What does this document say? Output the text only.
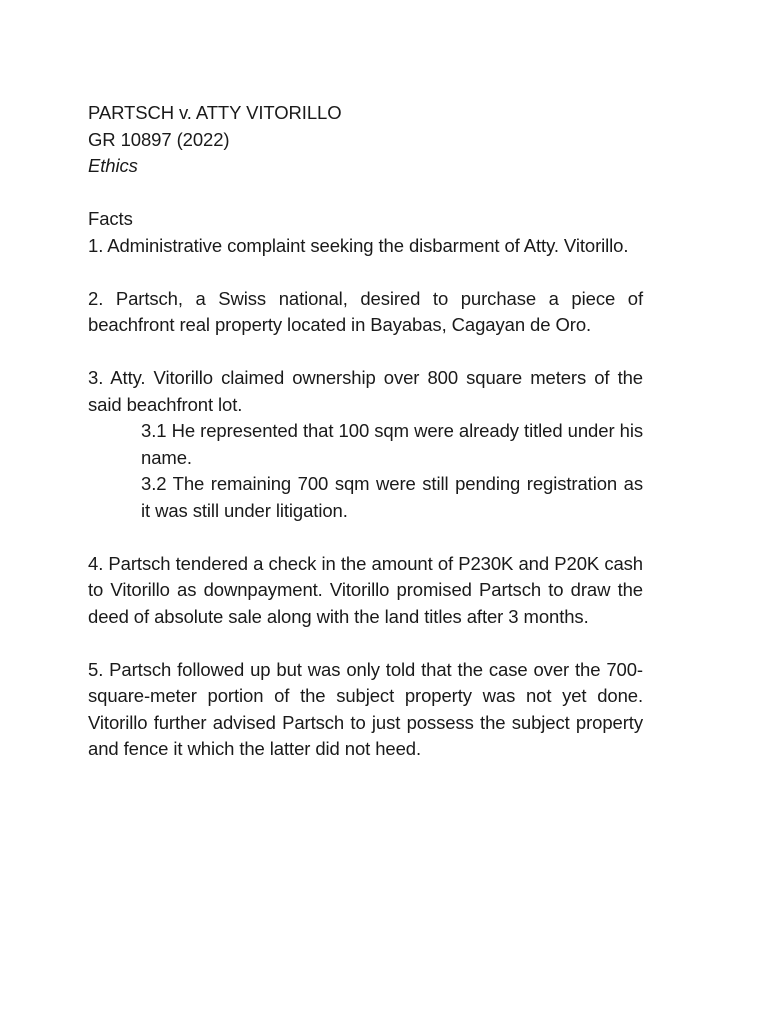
PARTSCH v. ATTY VITORILLO

GR 10897 (2022)

Ethics

Facts

1. Administrative complaint seeking the disbarment of Atty. Vitorillo.

2. Partsch, a Swiss national, desired to purchase a piece of beachfront real property located in Bayabas, Cagayan de Oro.

3. Atty. Vitorillo claimed ownership over 800 square meters of the said beachfront lot.

3.1 He represented that 100 sqm were already titled under his name.

3.2 The remaining 700 sqm were still pending registration as it was still under litigation.

4. Partsch tendered a check in the amount of P230K and P20K cash to Vitorillo as downpayment. Vitorillo promised Partsch to draw the deed of absolute sale along with the land titles after 3 months.

5. Partsch followed up but was only told that the case over the 700-square-meter portion of the subject property was not yet done. Vitorillo further advised Partsch to just possess the subject property and fence it which the latter did not heed.
